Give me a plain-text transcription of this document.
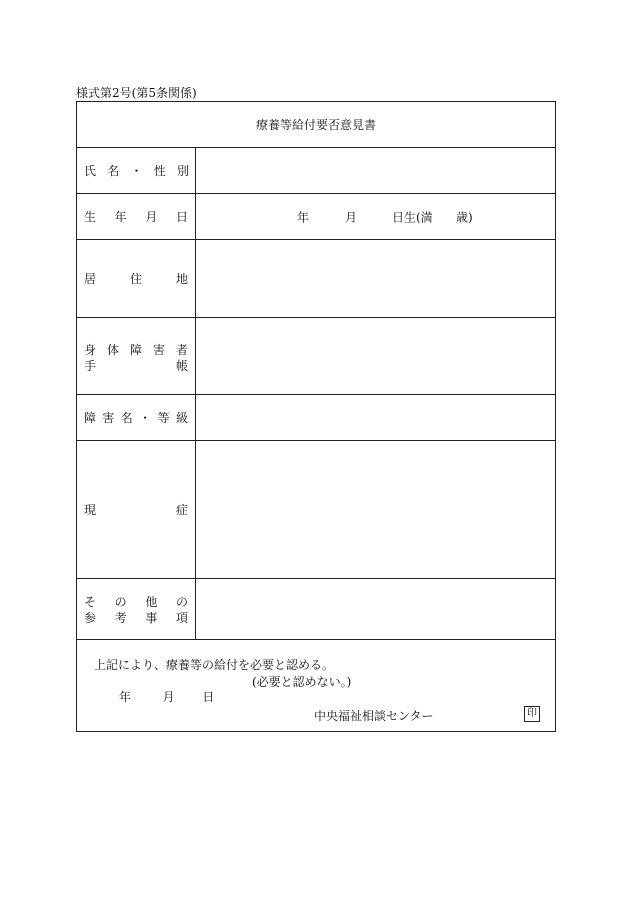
様式第2号(第5条関係)
療養等給付要否意見書
氏 名 ・ 性 別
生 年 月 日	年	月	日生(満 歳)
居	住	地
身 体 障 害 者
手	帳
障 害 名 ・ 等 級
現	症
そ の 他 の
参 考 事 項
上記により、療養等の給付を必要と認める。
(必要と認めない。)
年	月 日
中央福祉相談センター	印
